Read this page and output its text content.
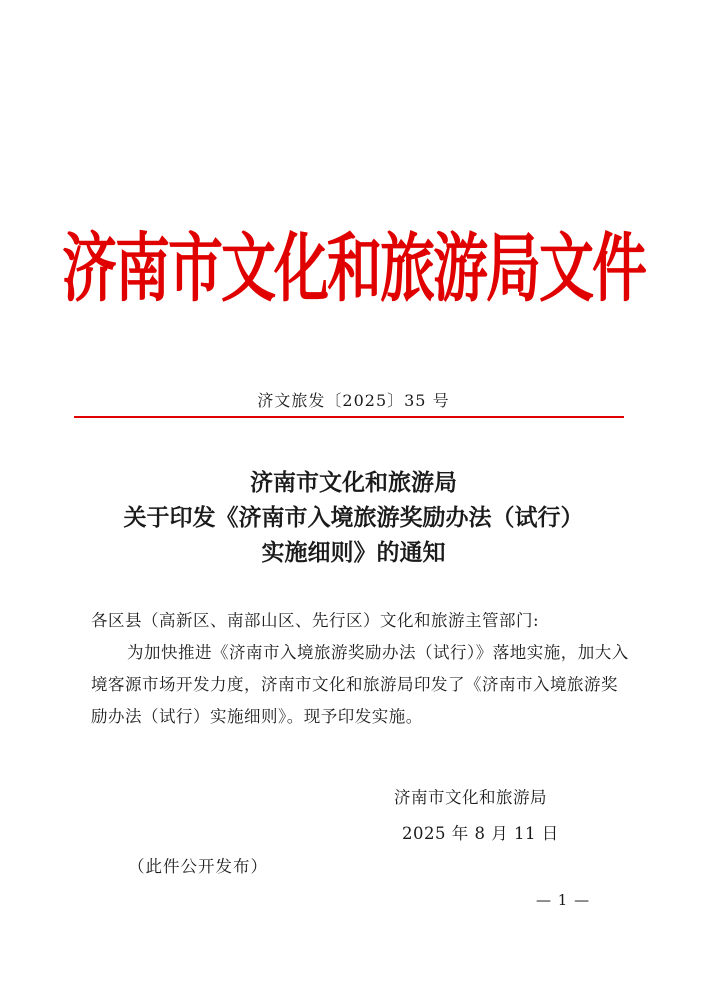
济南市文化和旅游局文件
济文旅发〔2025〕35 号
济南市文化和旅游局
关于印发《济南市入境旅游奖励办法（试行）
实施细则》的通知

各区县（高新区、南部山区、先行区）文化和旅游主管部门:

为加快推进《济南市入境旅游奖励办法（试行）》落地实施，加大入境客源市场开发力度，济南市文化和旅游局印发了《济南市入境旅游奖励办法（试行）实施细则》。现予印发实施。

济南市文化和旅游局
2025 年 8 月 11 日
（此件公开发布）
— 1 —
